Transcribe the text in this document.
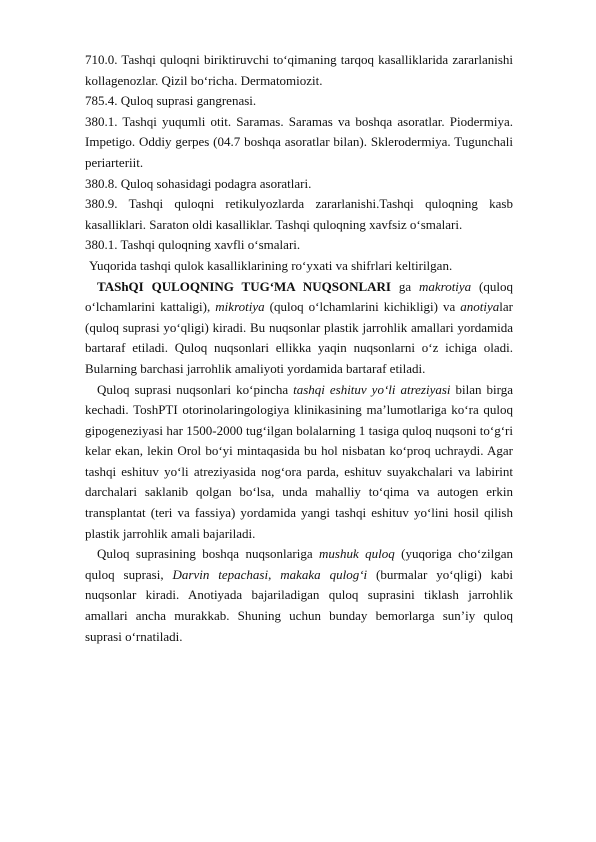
710.0. Tashqi quloqni biriktiruvchi to‘qimaning tarqoq kasalliklarida zararlanishi kollagenozlar. Qizil bo‘richa. Dermatomiozit.

785.4. Quloq suprasi gangrenasi.

380.1. Tashqi yuqumli otit. Saramas. Saramas va boshqa asoratlar. Piodermiya. Impetigo. Oddiy gerpes (04.7 boshqa asoratlar bilan). Sklerodermiya. Tugunchali periarteriit.

380.8. Quloq sohasidagi podagra asoratlari.

380.9. Tashqi quloqni retikulyozlarda zararlanishi.Tashqi quloqning kasb kasalliklari. Saraton oldi kasalliklar. Tashqi quloqning xavfsiz o‘smalari.

380.1. Tashqi quloqning xavfli o‘smalari.

Yuqorida tashqi qulok kasalliklarining ro‘yxati va shifrlari keltirilgan.

TAShQI QULOQNING TUG‘MA NUQSONLARI ga makrotiya (quloq o‘lchamlarini kattaligi), mikrotiya (quloq o‘lchamlarini kichikligi) va anotiyalar (quloq suprasi yo‘qligi) kiradi. Bu nuqsonlar plastik jarrohlik amallari yordamida bartaraf etiladi. Quloq nuqsonlari ellikka yaqin nuqsonlarni o‘z ichiga oladi. Bularning barchasi jarrohlik amaliyoti yordamida bartaraf etiladi.

Quloq suprasi nuqsonlari ko‘pincha tashqi eshituv yo‘li atreziyasi bilan birga kechadi. ToshPTI otorinolaringologiya klinikasining ma’lumotlariga ko‘ra quloq gipogeneziyasi har 1500-2000 tug‘ilgan bolalarning 1 tasiga quloq nuqsoni to‘g‘ri kelar ekan, lekin Orol bo‘yi mintaqasida bu hol nisbatan ko‘proq uchraydi. Agar tashqi eshituv yo‘li atreziyasida nog‘ora parda, eshituv suyakchalari va labirint darchalari saklanib qolgan bo‘lsa, unda mahalliy to‘qima va autogen erkin transplantat (teri va fassiya) yordamida yangi tashqi eshituv yo‘lini hosil qilish plastik jarrohlik amali bajariladi.

Quloq suprasining boshqa nuqsonlariga mushuk quloq (yuqoriga cho‘zilgan quloq suprasi, Darvin tepachasi, makaka qulog‘i (burmalar yo‘qligi) kabi nuqsonlar kiradi. Anotiyada bajariladigan quloq suprasini tiklash jarrohlik amallari ancha murakkab. Shuning uchun bunday bemorlarga sun’iy quloq suprasi o‘rnatiladi.
